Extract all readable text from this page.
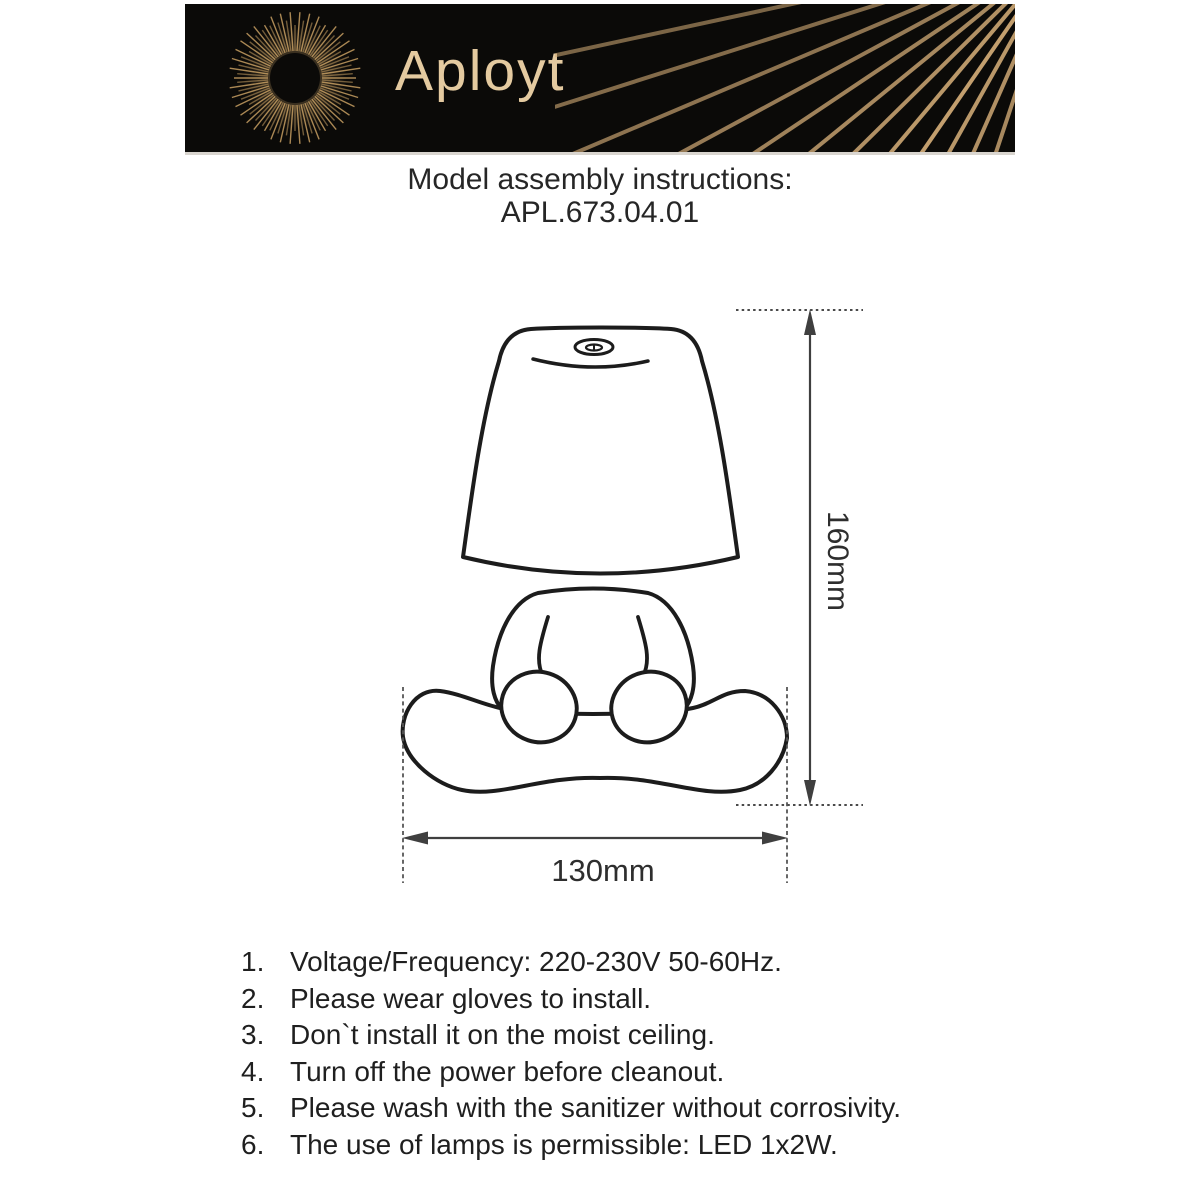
Aployt
Model assembly instructions:
APL.673.04.01
160mm
130mm
1. Voltage/Frequency: 220-230V 50-60Hz.
2. Please wear gloves to install.
3. Don`t install it on the moist ceiling.
4. Turn off the power before cleanout.
5. Please wash with the sanitizer without corrosivity.
6. The use of lamps is permissible: LED 1x2W.
